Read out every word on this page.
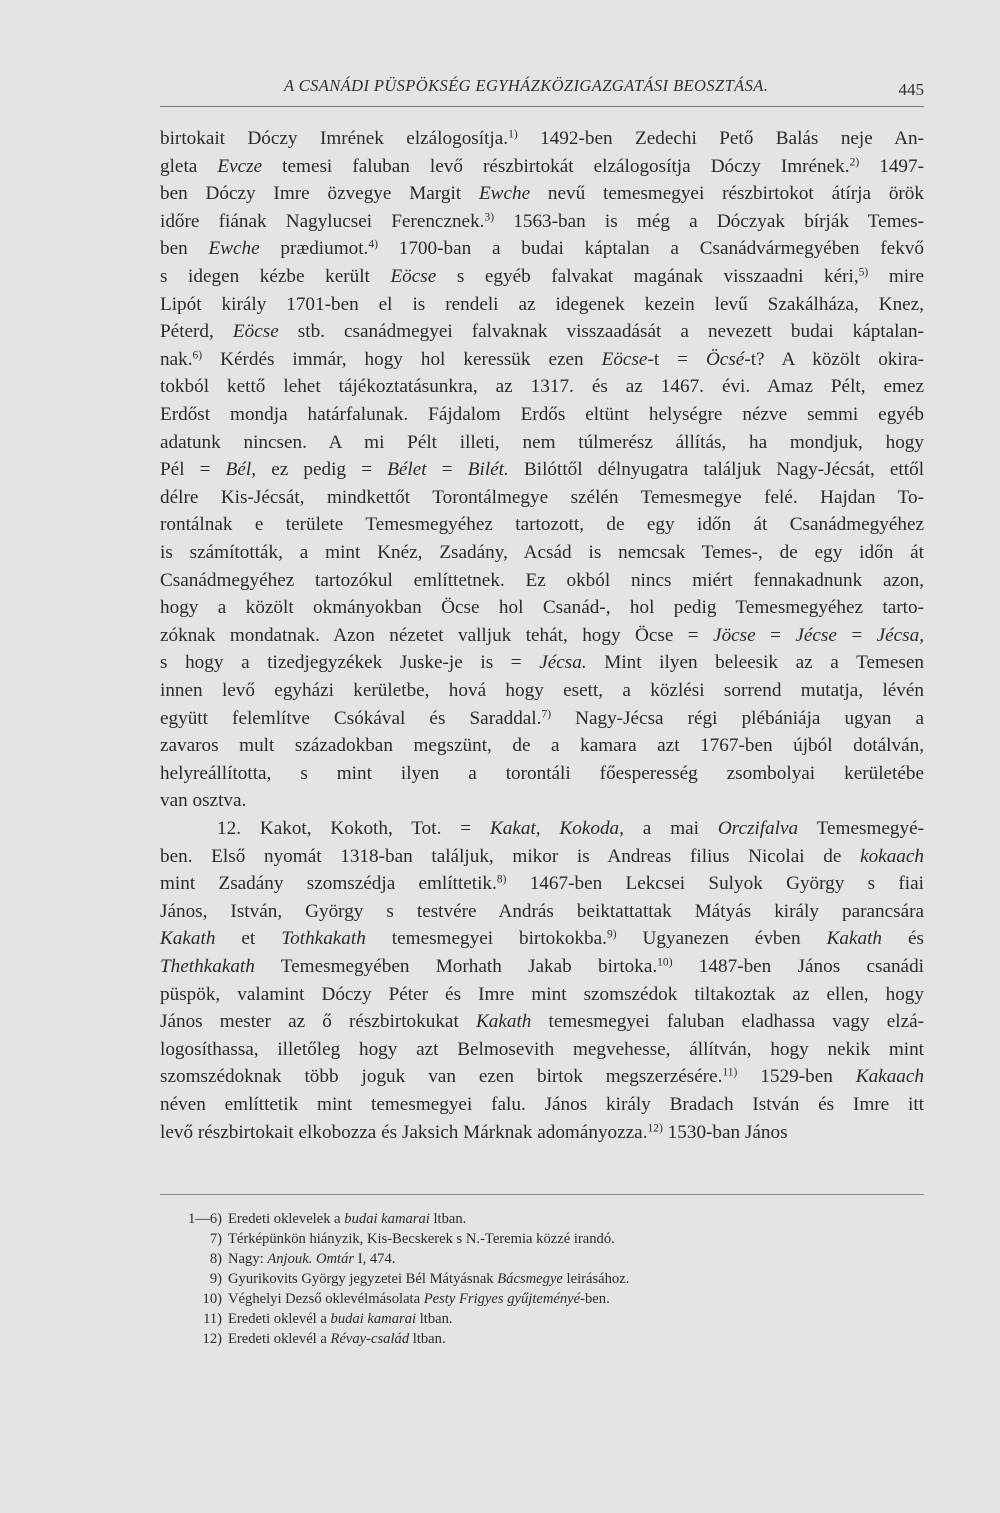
A CSANÁDI PÜSPÖKSÉG EGYHÁZKÖZIGAZGATÁSI BEOSZTÁSA.	445
birtokait Dóczy Imrének elzálogosítja.$^{1)}$ 1492-ben Zedechi Pető Balás neje An-
gleta Evcze temesi faluban levő részbirtokát elzálogosítja Dóczy Imrének.$^{2)}$ 1497-
ben Dóczy Imre özvegye Margit Ewche nevű temesmegyei részbirtokot átírja örök
időre fiának Nagylucsei Ferencznek.$^{3)}$ 1563-ban is még a Dóczyak bírják Temes-
ben Ewche prædiumot.$^{4)}$ 1700-ban a budai káptalan a Csanádvármegyében fekvő
s idegen kézbe került Eöcse s egyéb falvakat magának visszaadni kéri,$^{5)}$ mire
Lipót király 1701-ben el is rendeli az idegenek kezein levű Szakálháza, Knez,
Péterd, Eöcse stb. csanádmegyei falvaknak visszaadását a nevezett budai káptalan-
nak.$^{6)}$ Kérdés immár, hogy hol keressük ezen Eöcse-t = Öcsé-t? A közölt okira-
tokból kettő lehet tájékoztatásunkra, az 1317. és az 1467. évi. Amaz Pélt, emez
Erdőst mondja határfalunak. Fájdalom Erdős eltünt helységre nézve semmi egyéb
adatunk nincsen. A mi Pélt illeti, nem túlmerész állítás, ha mondjuk, hogy
Pél = Bél, ez pedig = Bélet = Bilét. Bilóttől délnyugatra találjuk Nagy-Jécsát, ettől
délre Kis-Jécsát, mindkettőt Torontálmegye szélén Temesmegye felé. Hajdan To-
rontálnak e területe Temesmegyéhez tartozott, de egy időn át Csanádmegyéhez
is számították, a mint Knéz, Zsadány, Acsád is nemcsak Temes-, de egy időn át
Csanádmegyéhez tartozókul említtetnek. Ez okból nincs miért fennakadnunk azon,
hogy a közölt okmányokban Öcse hol Csanád-, hol pedig Temesmegyéhez tarto-
zóknak mondatnak. Azon nézetet valljuk tehát, hogy Öcse = Jöcse = Jécse = Jécsa,
s hogy a tizedjegyzékek Juske-je is = Jécsa. Mint ilyen beleesik az a Temesen
innen levő egyházi kerületbe, hová hogy esett, a közlési sorrend mutatja, lévén
együtt felemlítve Csókával és Saraddal.$^{7)}$ Nagy-Jécsa régi plébániája ugyan a
zavaros mult századokban megszünt, de a kamara azt 1767-ben újból dotálván,
helyreállította, s mint ilyen a torontáli főesperesség zsombolyai kerületébe
van osztva.
12. Kakot, Kokoth, Tot. = Kakat, Kokoda, a mai Orczifalva Temesmegyé-
ben. Első nyomát 1318-ban találjuk, mikor is Andreas filius Nicolai de kokaach
mint Zsadány szomszédja említtetik.$^{8)}$ 1467-ben Lekcsei Sulyok György s fiai
János, István, György s testvére András beiktattattak Mátyás király parancsára
Kakath et Tothkakath temesmegyei birtokokba.$^{9)}$ Ugyanezen évben Kakath és
Thethkakath Temesmegyében Morhath Jakab birtoka.$^{10)}$ 1487-ben János csanádi
püspök, valamint Dóczy Péter és Imre mint szomszédok tiltakoztak az ellen, hogy
János mester az ő részbirtokukat Kakath temesmegyei faluban eladhassa vagy elzá-
logosíthassa, illetőleg hogy azt Belmosevith megvehesse, állítván, hogy nekik mint
szomszédoknak több joguk van ezen birtok megszerzésére.$^{11)}$ 1529-ben Kakaach
néven említtetik mint temesmegyei falu. János király Bradach István és Imre itt
levő részbirtokait elkobozza és Jaksich Márknak adományozza.$^{12)}$ 1530-ban János
1—6) Eredeti oklevelek a budai kamarai ltban.
7) Térképünkön hiányzik, Kis-Becskerek s N.-Teremia közzé irandó.
8) Nagy: Anjouk. Omtár I, 474.
9) Gyurikovits György jegyzetei Bél Mátyásnak Bácsmegye leirásához.
10) Véghelyi Dezső oklevélmásolata Pesty Frigyes gyűjteményé-ben.
11) Eredeti oklevél a budai kamarai ltban.
12) Eredeti oklevél a Révay-család ltban.
